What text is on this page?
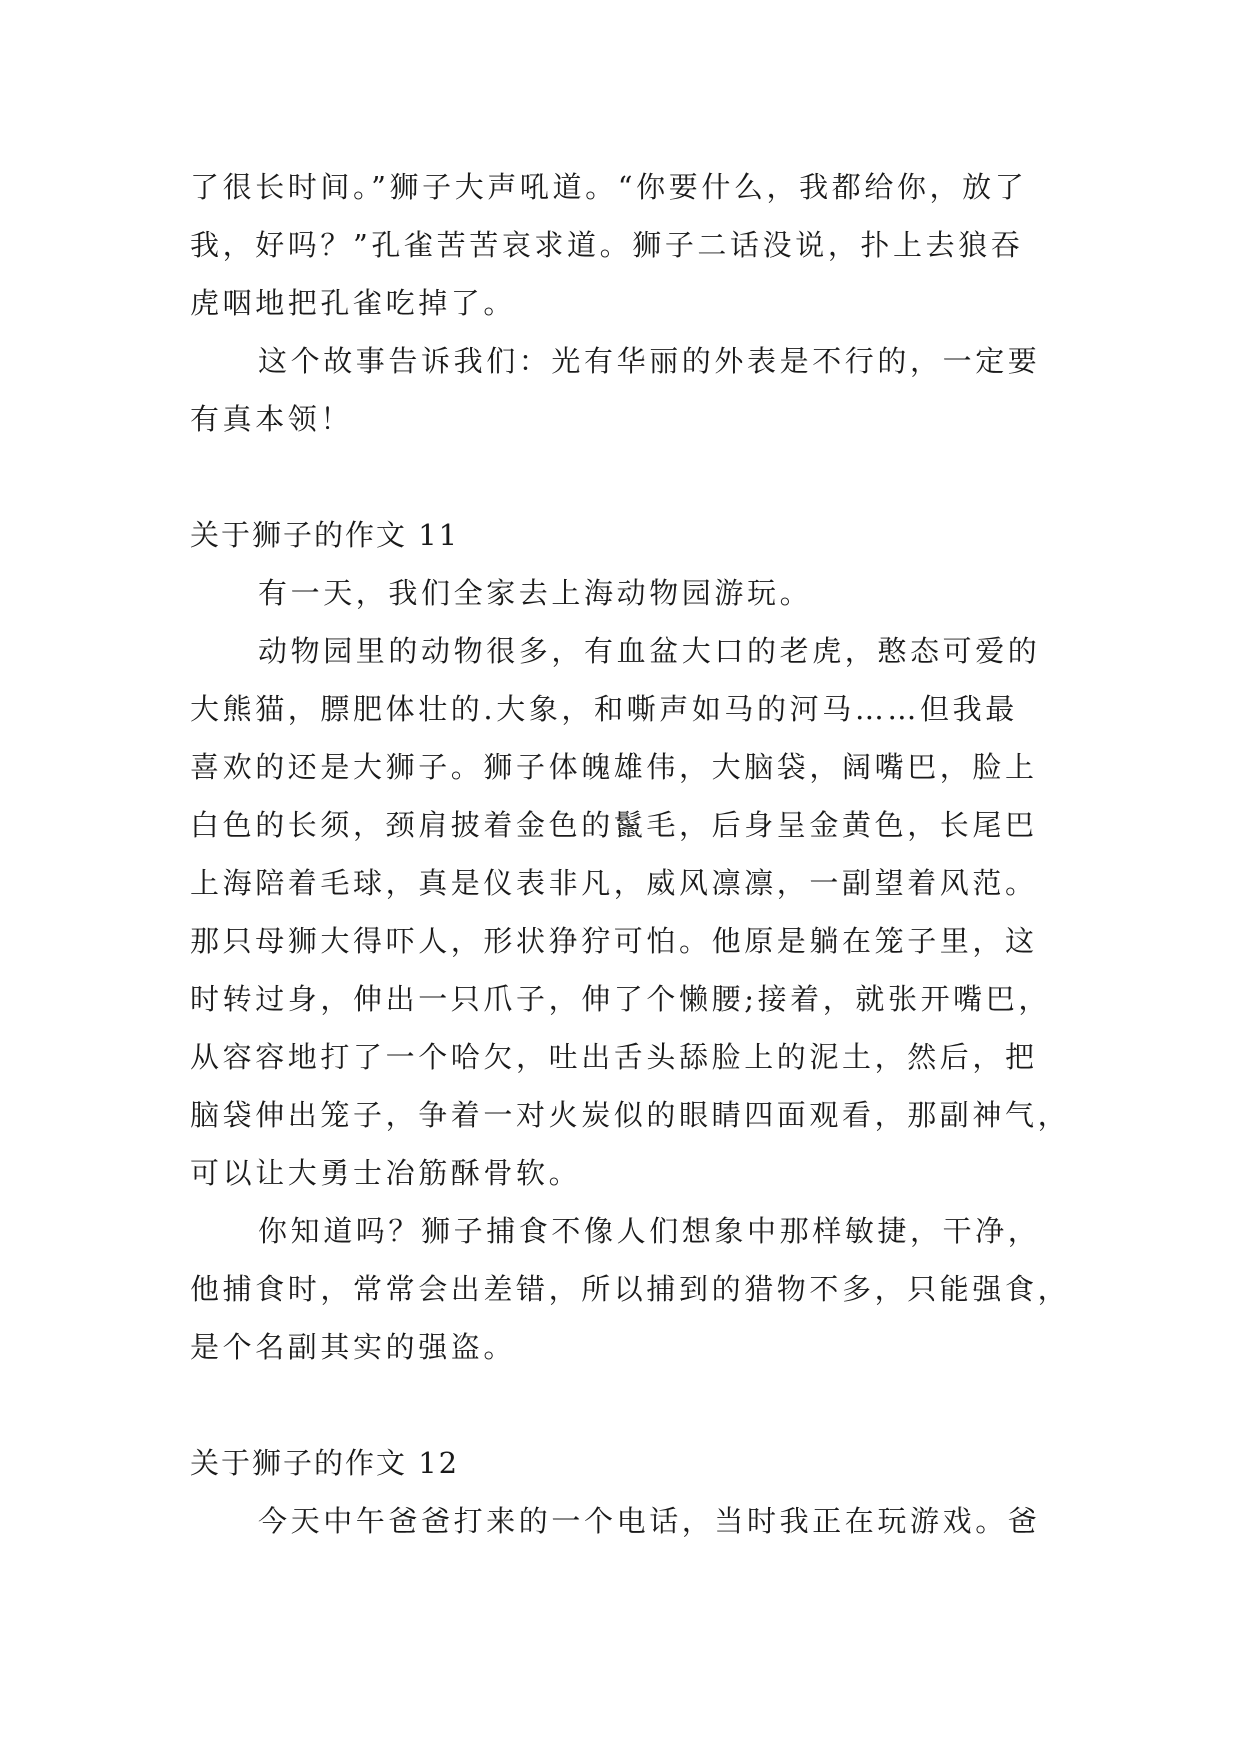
了很长时间。”狮子大声吼道。“你要什么，我都给你，放了
我，好吗？”孔雀苦苦哀求道。狮子二话没说，扑上去狼吞
虎咽地把孔雀吃掉了。
这个故事告诉我们：光有华丽的外表是不行的，一定要
有真本领！
关于狮子的作文 11
有一天，我们全家去上海动物园游玩。
动物园里的动物很多，有血盆大口的老虎，憨态可爱的
大熊猫，膘肥体壮的.大象，和嘶声如马的河马……但我最
喜欢的还是大狮子。狮子体魄雄伟，大脑袋，阔嘴巴，脸上
白色的长须，颈肩披着金色的鬣毛，后身呈金黄色，长尾巴
上海陪着毛球，真是仪表非凡，威风凛凛，一副望着风范。
那只母狮大得吓人，形状狰狞可怕。他原是躺在笼子里，这
时转过身，伸出一只爪子，伸了个懒腰;接着，就张开嘴巴，
从容容地打了一个哈欠，吐出舌头舔脸上的泥土，然后，把
脑袋伸出笼子，争着一对火炭似的眼睛四面观看，那副神气，
可以让大勇士冶筋酥骨软。
你知道吗？狮子捕食不像人们想象中那样敏捷，干净，
他捕食时，常常会出差错，所以捕到的猎物不多，只能强食，
是个名副其实的强盗。
关于狮子的作文 12
今天中午爸爸打来的一个电话，当时我正在玩游戏。爸
